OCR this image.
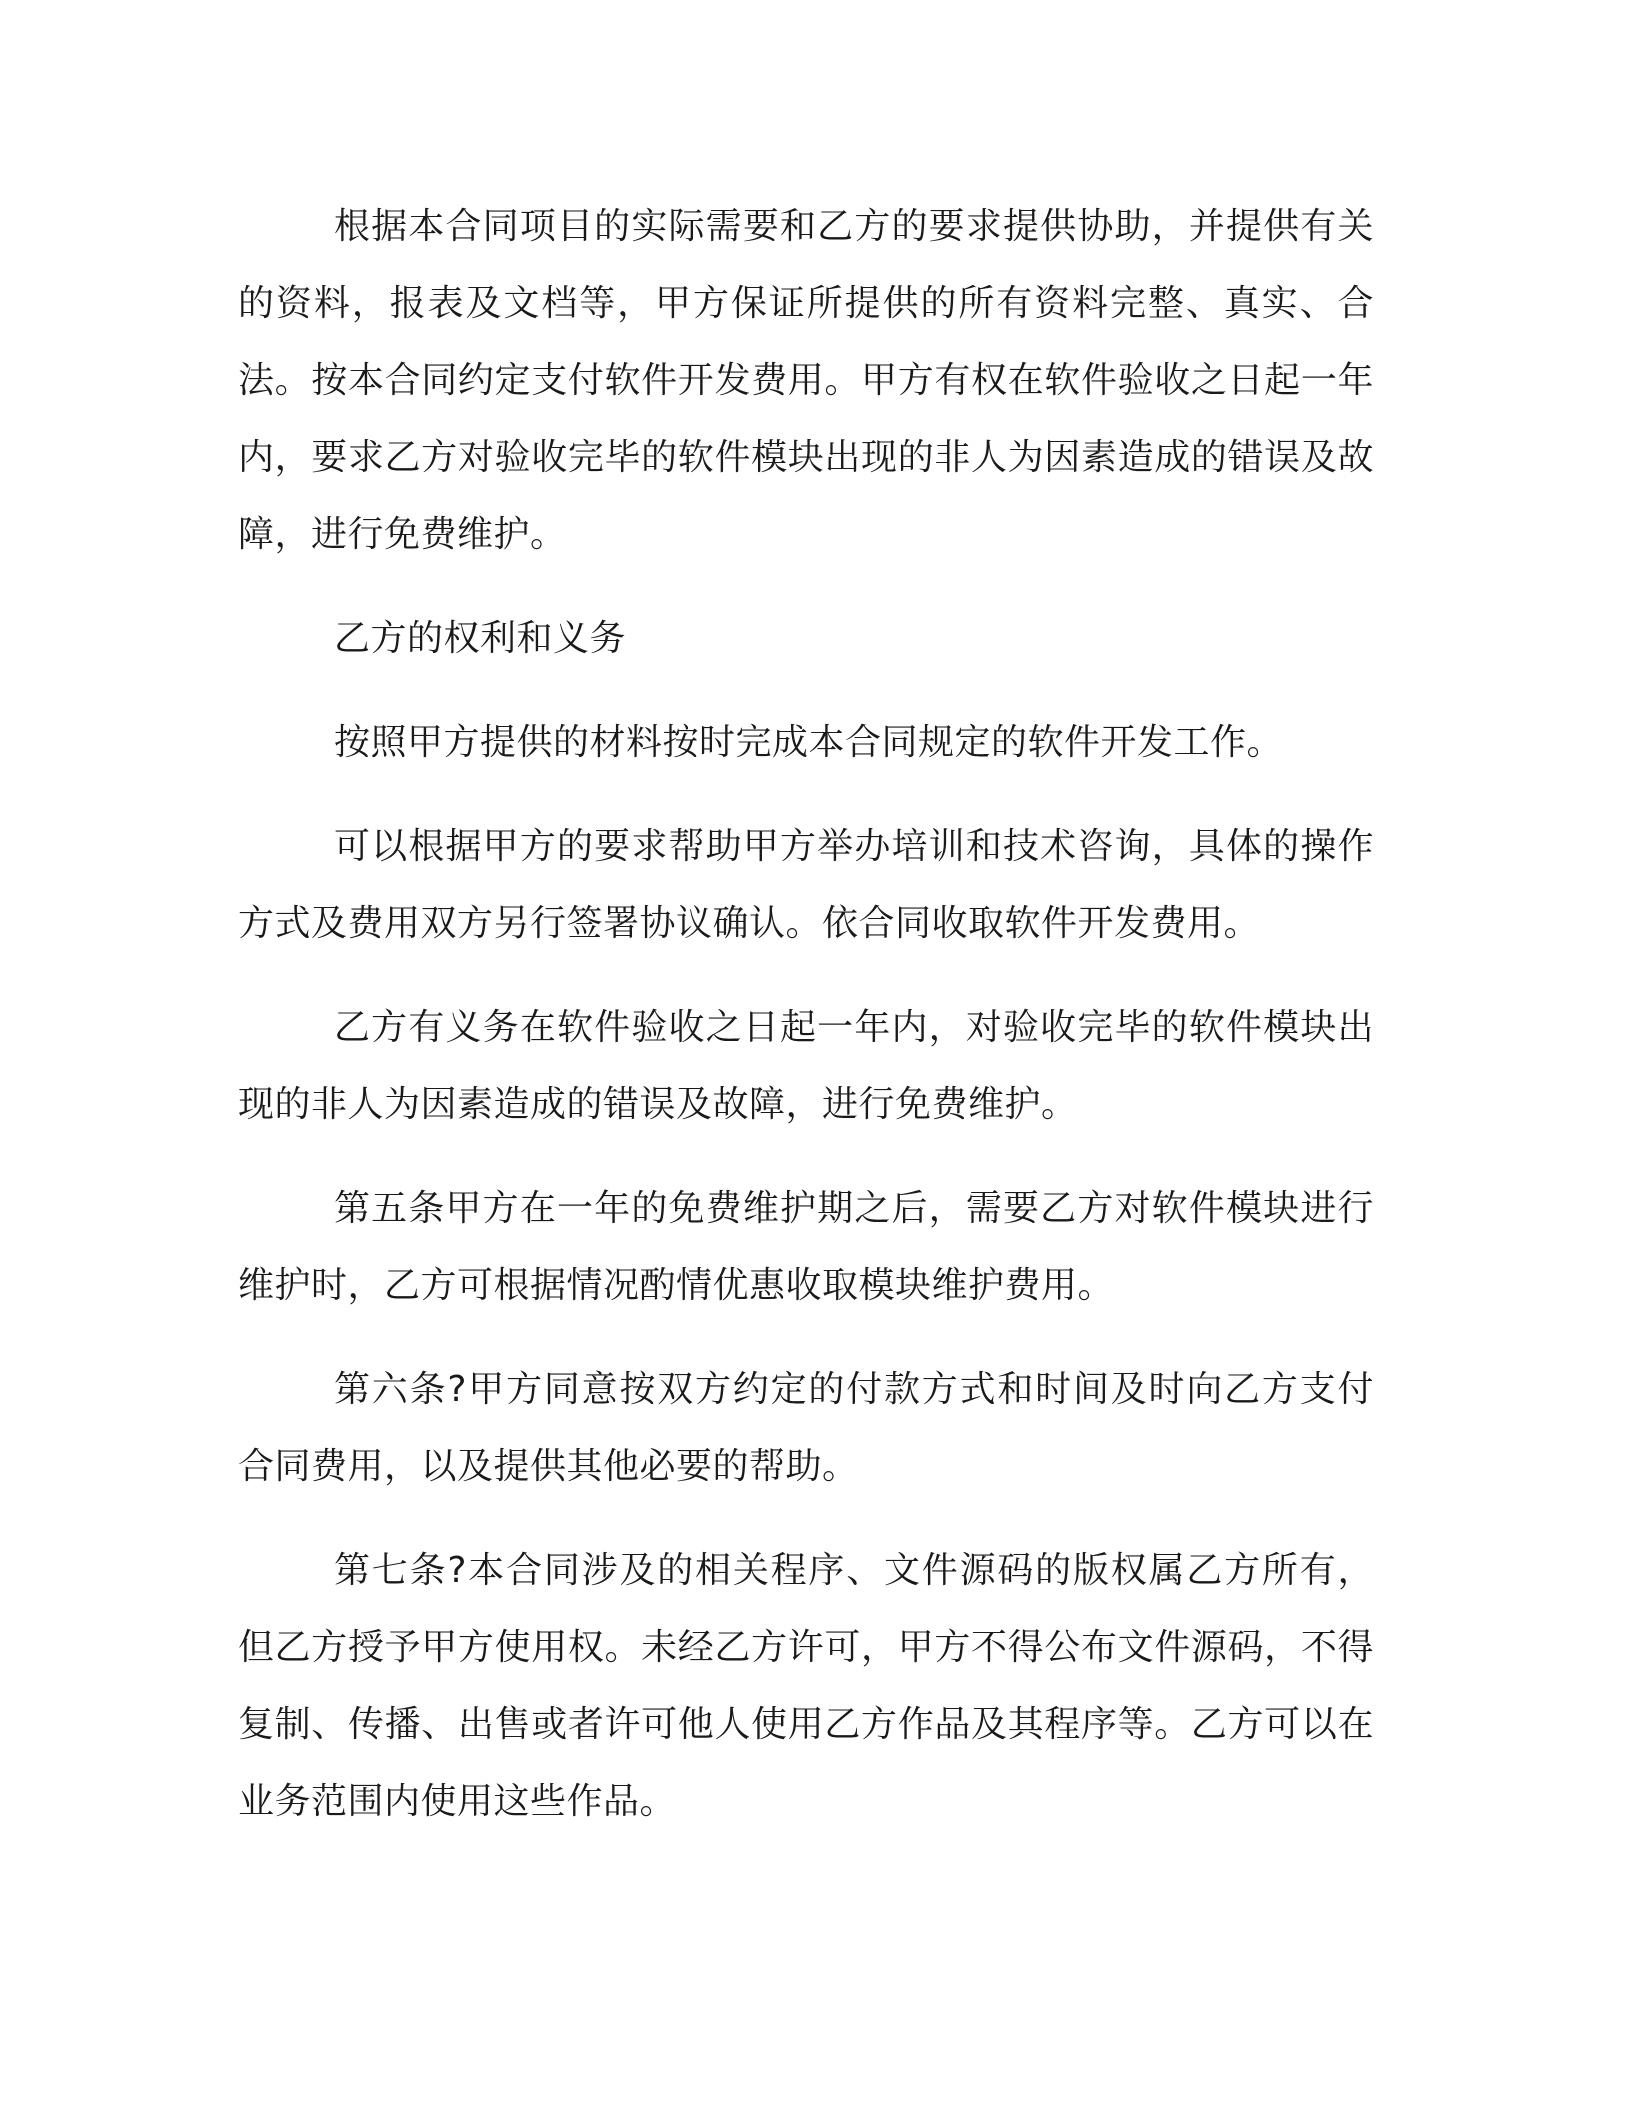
根据本合同项目的实际需要和乙方的要求提供协助，并提供有关的资料，报表及文档等，甲方保证所提供的所有资料完整、真实、合法。按本合同约定支付软件开发费用。甲方有权在软件验收之日起一年内，要求乙方对验收完毕的软件模块出现的非人为因素造成的错误及故障，进行免费维护。

乙方的权利和义务

按照甲方提供的材料按时完成本合同规定的软件开发工作。

可以根据甲方的要求帮助甲方举办培训和技术咨询，具体的操作方式及费用双方另行签署协议确认。依合同收取软件开发费用。

乙方有义务在软件验收之日起一年内，对验收完毕的软件模块出现的非人为因素造成的错误及故障，进行免费维护。

第五条甲方在一年的免费维护期之后，需要乙方对软件模块进行维护时，乙方可根据情况酌情优惠收取模块维护费用。

第六条?甲方同意按双方约定的付款方式和时间及时向乙方支付合同费用，以及提供其他必要的帮助。

第七条?本合同涉及的相关程序、文件源码的版权属乙方所有，但乙方授予甲方使用权。未经乙方许可，甲方不得公布文件源码，不得复制、传播、出售或者许可他人使用乙方作品及其程序等。乙方可以在业务范围内使用这些作品。
